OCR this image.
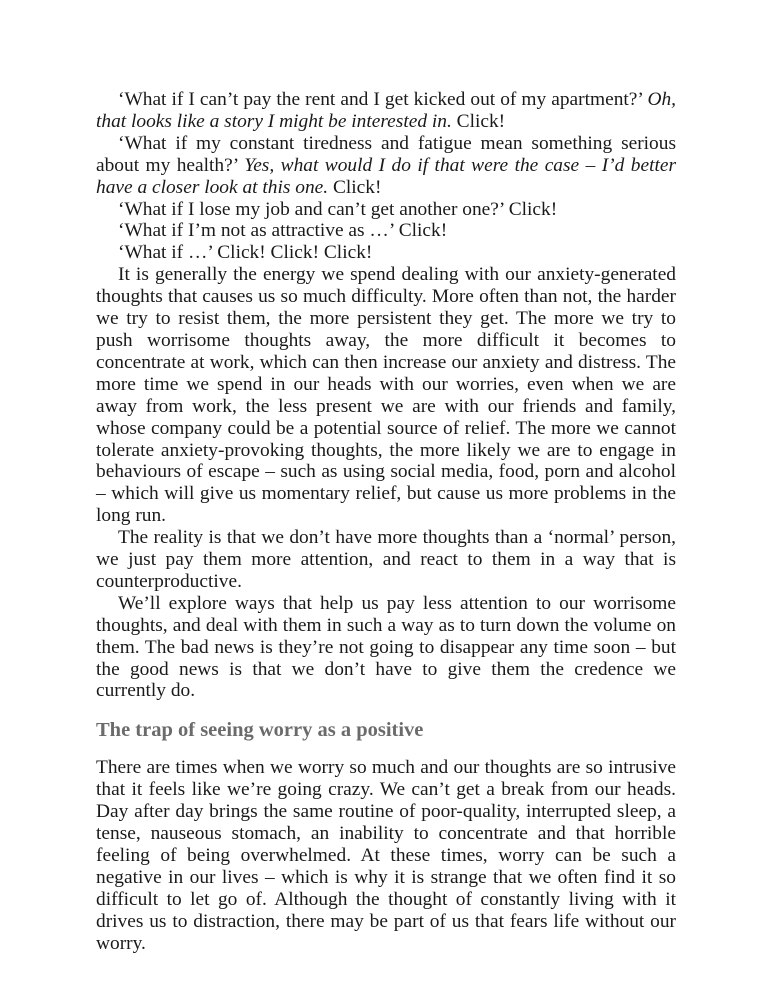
‘What if I can’t pay the rent and I get kicked out of my apartment?’ Oh, that looks like a story I might be interested in. Click!

‘What if my constant tiredness and fatigue mean something serious about my health?’ Yes, what would I do if that were the case – I’d better have a closer look at this one. Click!

‘What if I lose my job and can’t get another one?’ Click!

‘What if I’m not as attractive as …’ Click!

‘What if …’ Click! Click! Click!

It is generally the energy we spend dealing with our anxiety-generated thoughts that causes us so much difficulty. More often than not, the harder we try to resist them, the more persistent they get. The more we try to push worrisome thoughts away, the more difficult it becomes to concentrate at work, which can then increase our anxiety and distress. The more time we spend in our heads with our worries, even when we are away from work, the less present we are with our friends and family, whose company could be a potential source of relief. The more we cannot tolerate anxiety-provoking thoughts, the more likely we are to engage in behaviours of escape – such as using social media, food, porn and alcohol – which will give us momentary relief, but cause us more problems in the long run.

The reality is that we don’t have more thoughts than a ‘normal’ person, we just pay them more attention, and react to them in a way that is counterproductive.

We’ll explore ways that help us pay less attention to our worrisome thoughts, and deal with them in such a way as to turn down the volume on them. The bad news is they’re not going to disappear any time soon – but the good news is that we don’t have to give them the credence we currently do.

The trap of seeing worry as a positive

There are times when we worry so much and our thoughts are so intrusive that it feels like we’re going crazy. We can’t get a break from our heads. Day after day brings the same routine of poor-quality, interrupted sleep, a tense, nauseous stomach, an inability to concentrate and that horrible feeling of being overwhelmed. At these times, worry can be such a negative in our lives – which is why it is strange that we often find it so difficult to let go of. Although the thought of constantly living with it drives us to distraction, there may be part of us that fears life without our worry.
